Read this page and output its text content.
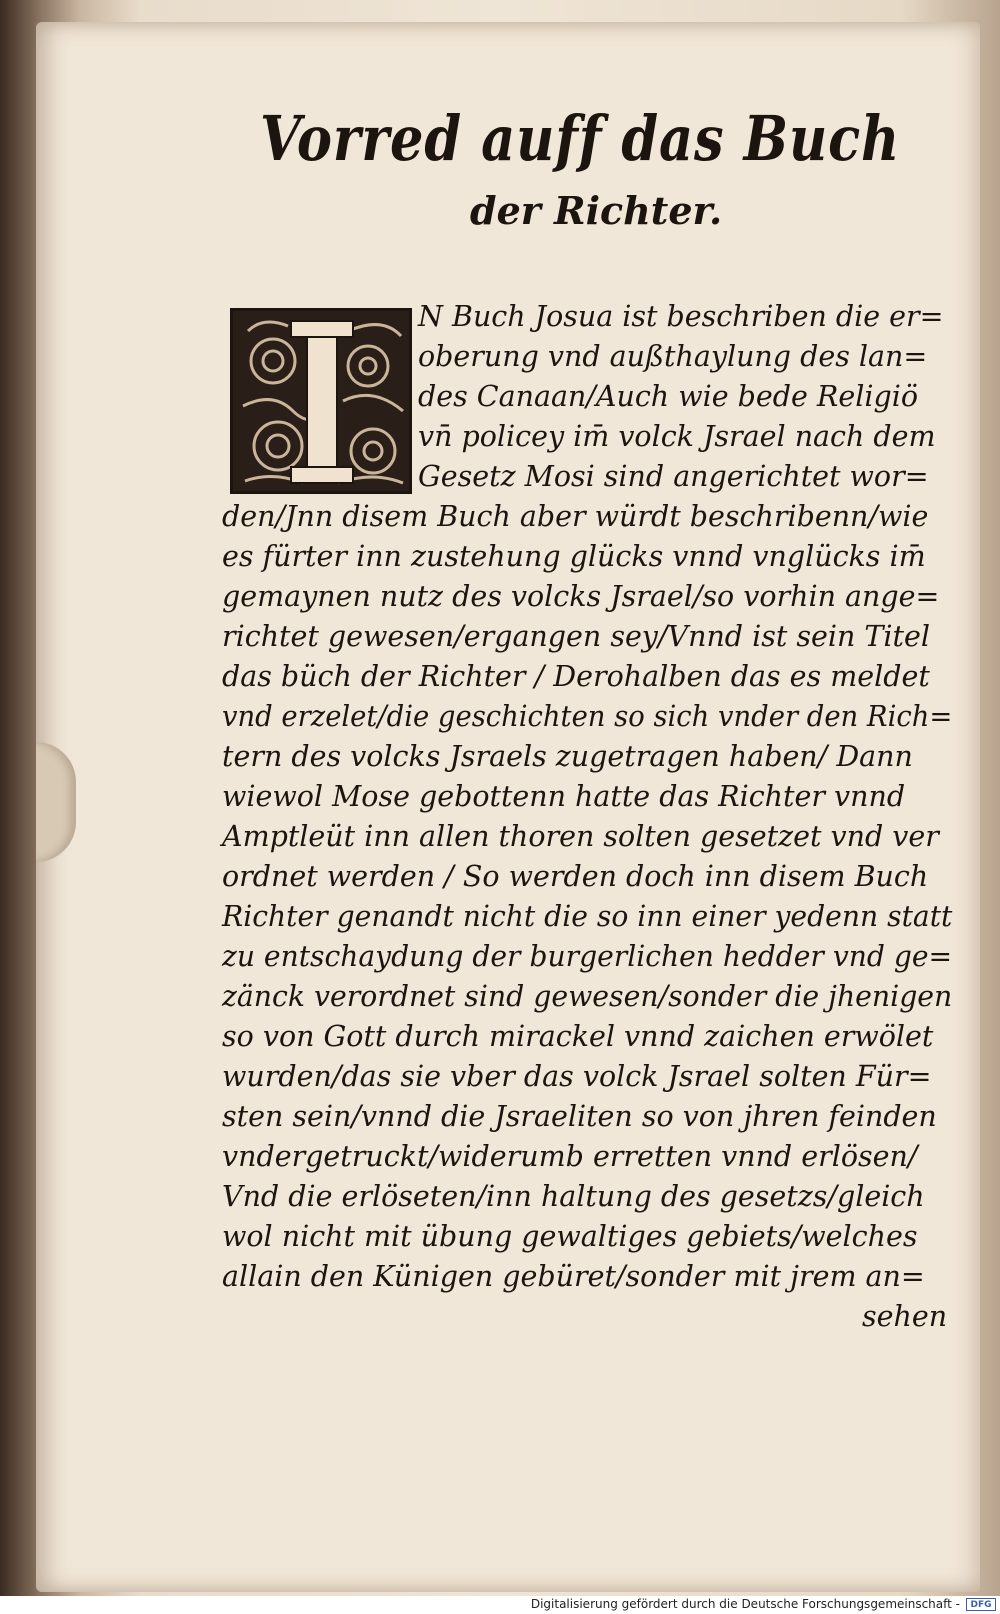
Vorred auff das Buch
der Richter.
N Buch Josua ist beschriben die er=
oberung vnd außthaylung des lan=
des Canaan/Auch wie bede Religiö
vn̄ policey im̄ volck Jsrael nach dem
Gesetz Mosi sind angerichtet wor=
den/Jnn disem Buch aber würdt beschribenn/wie
es fürter inn zustehung glücks vnnd vnglücks im̄
gemaynen nutz des volcks Jsrael/so vorhin ange=
richtet gewesen/ergangen sey/Vnnd ist sein Titel
das büch der Richter / Derohalben das es meldet
vnd erzelet/die geschichten so sich vnder den Rich=
tern des volcks Jsraels zugetragen haben/ Dann
wiewol Mose gebottenn hatte das Richter vnnd
Amptleüt inn allen thoren solten gesetzet vnd ver
ordnet werden / So werden doch inn disem Buch
Richter genandt nicht die so inn einer yedenn statt
zu entschaydung der burgerlichen hedder vnd ge=
zänck verordnet sind gewesen/sonder die jhenigen
so von Gott durch mirackel vnnd zaichen erwölet
wurden/das sie vber das volck Jsrael solten Für=
sten sein/vnnd die Jsraeliten so von jhren feinden
vndergetruckt/widerumb erretten vnnd erlösen/
Vnd die erlöseten/inn haltung des gesetzs/gleich
wol nicht mit übung gewaltiges gebiets/welches
allain den Künigen gebüret/sonder mit jrem an=
sehen
Digitalisierung gefördert durch die Deutsche Forschungsgemeinschaft -	DFG
